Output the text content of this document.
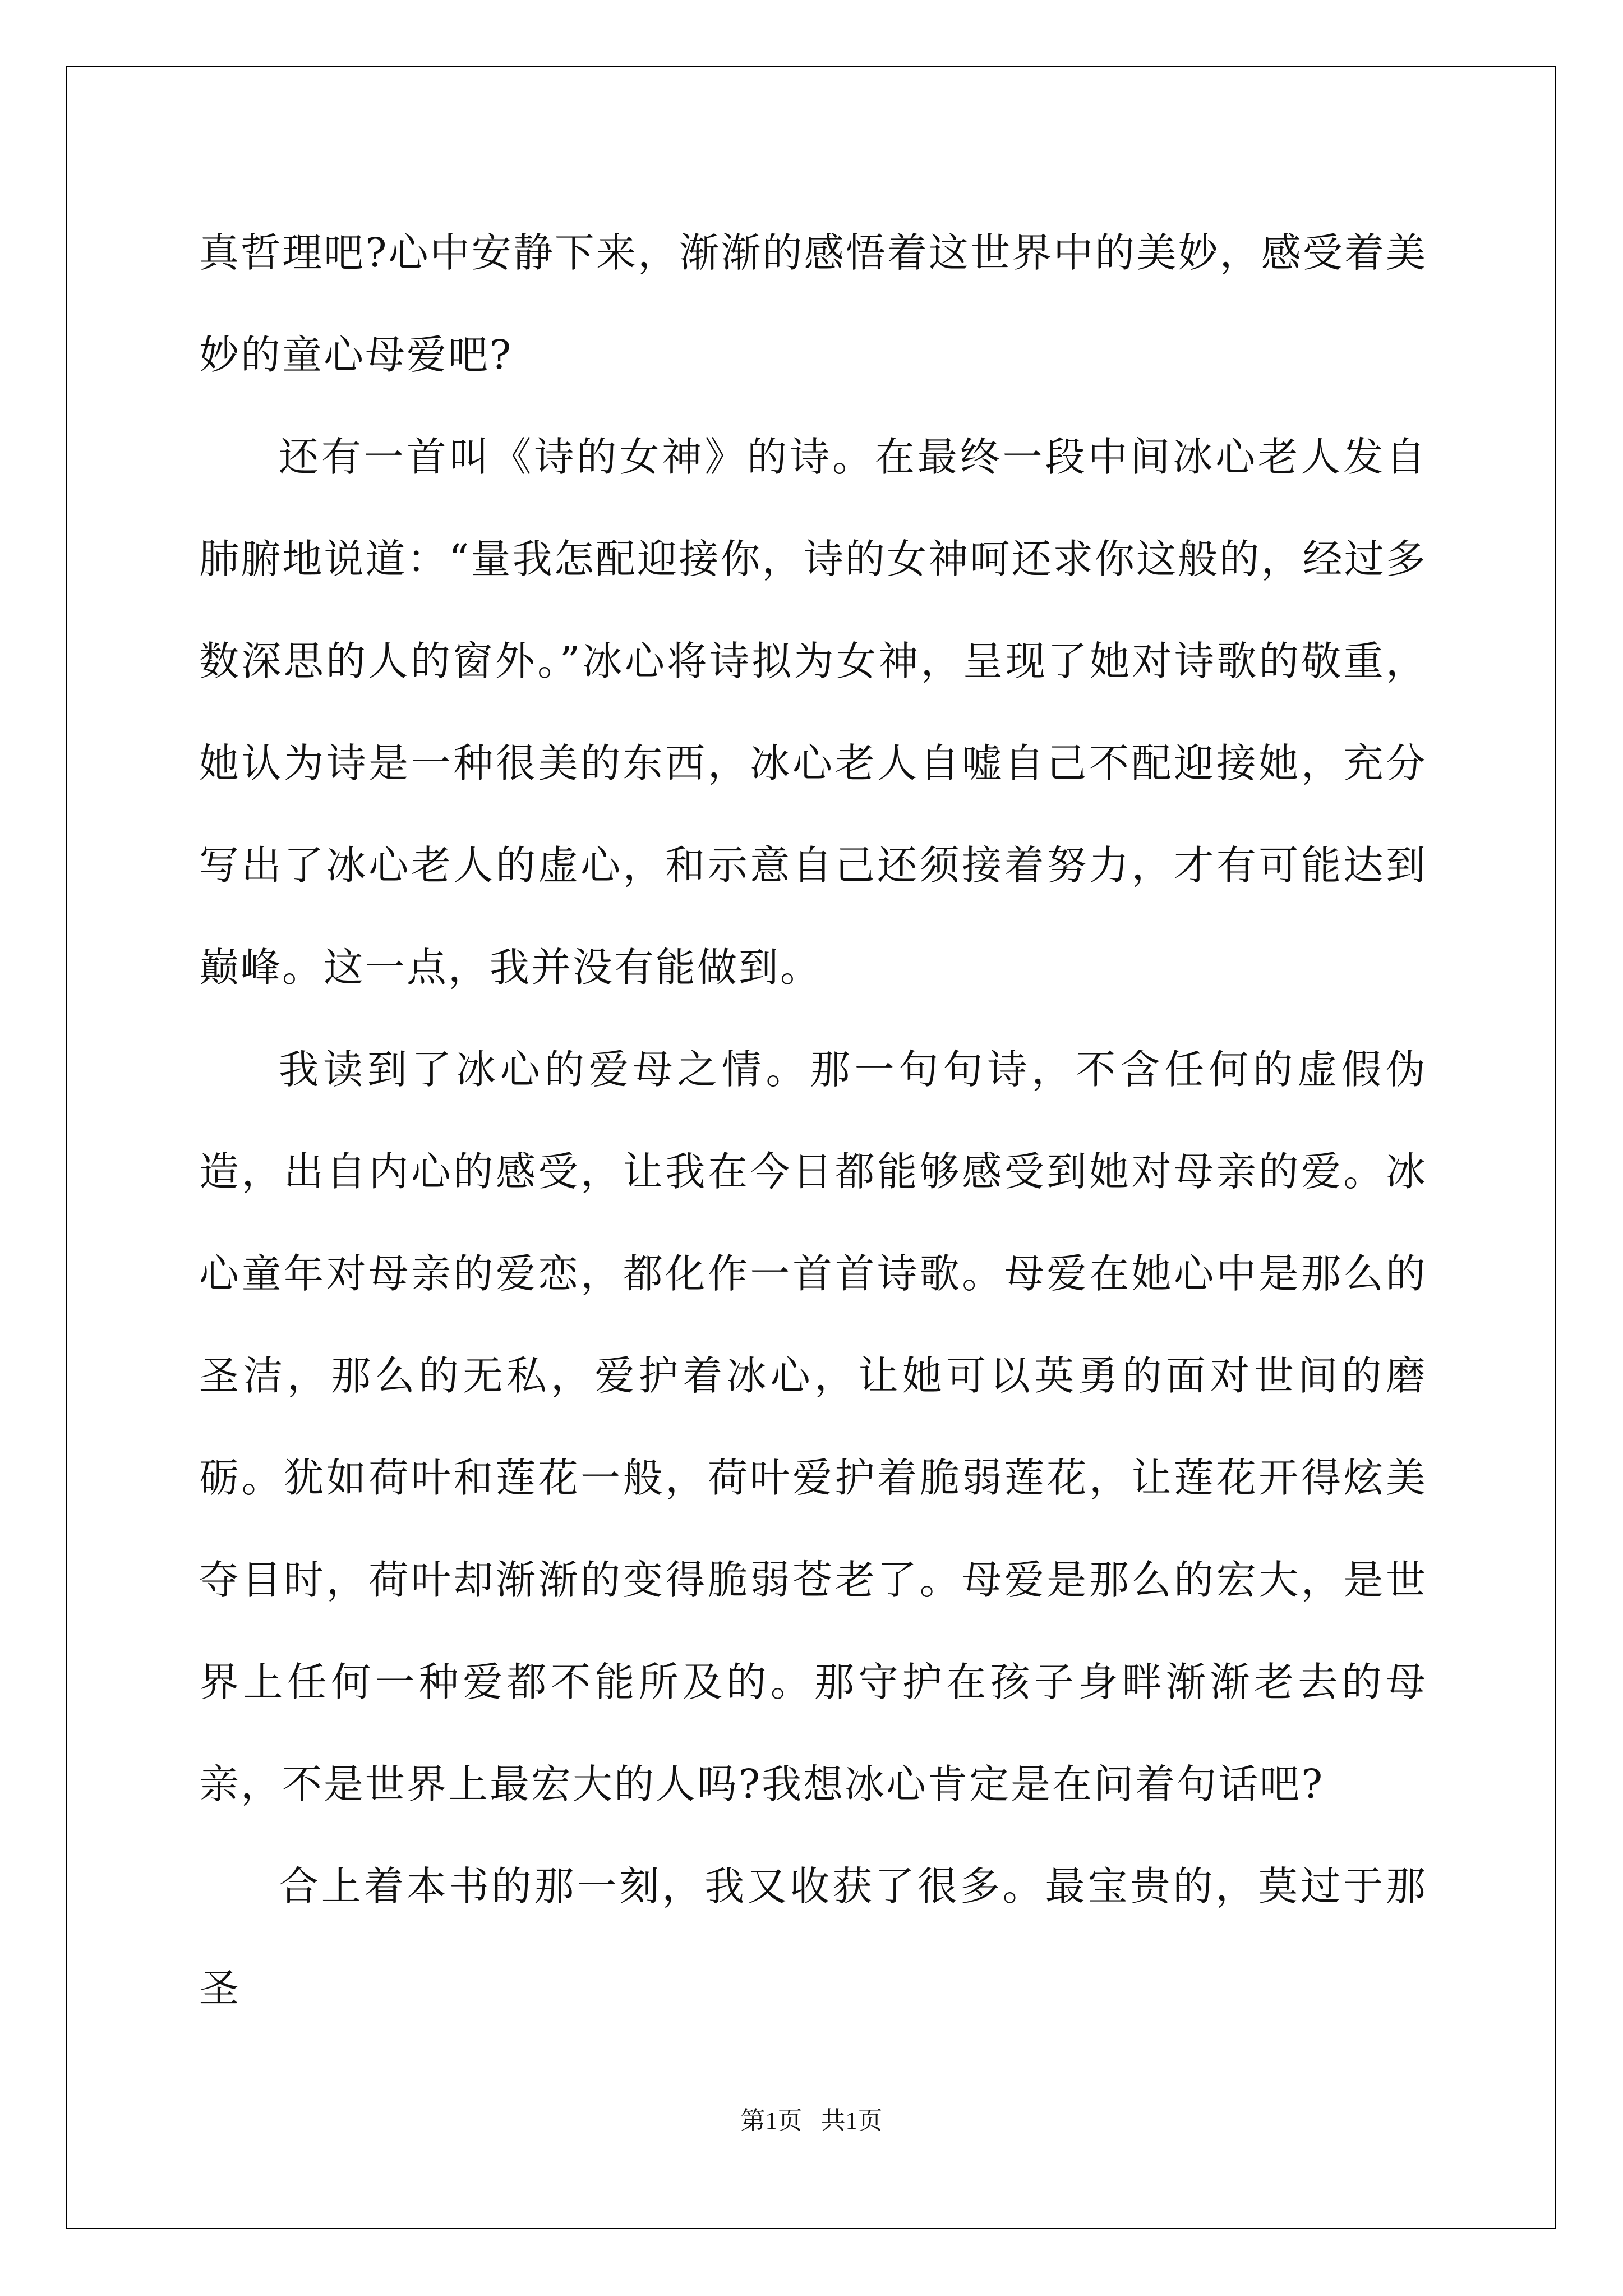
真哲理吧?心中安静下来，渐渐的感悟着这世界中的美妙，感受着美妙的童心母爱吧?

还有一首叫《诗的女神》的诗。在最终一段中间冰心老人发自肺腑地说道：“量我怎配迎接你，诗的女神呵还求你这般的，经过多数深思的人的窗外。”冰心将诗拟为女神，呈现了她对诗歌的敬重，她认为诗是一种很美的东西，冰心老人自嘘自己不配迎接她，充分写出了冰心老人的虚心，和示意自己还须接着努力，才有可能达到巅峰。这一点，我并没有能做到。

我读到了冰心的爱母之情。那一句句诗，不含任何的虚假伪造，出自内心的感受，让我在今日都能够感受到她对母亲的爱。冰心童年对母亲的爱恋，都化作一首首诗歌。母爱在她心中是那么的圣洁，那么的无私，爱护着冰心，让她可以英勇的面对世间的磨砺。犹如荷叶和莲花一般，荷叶爱护着脆弱莲花，让莲花开得炫美夺目时，荷叶却渐渐的变得脆弱苍老了。母爱是那么的宏大，是世界上任何一种爱都不能所及的。那守护在孩子身畔渐渐老去的母亲，不是世界上最宏大的人吗?我想冰心肯定是在问着句话吧?

合上着本书的那一刻，我又收获了很多。最宝贵的，莫过于那圣

第1页 共1页
